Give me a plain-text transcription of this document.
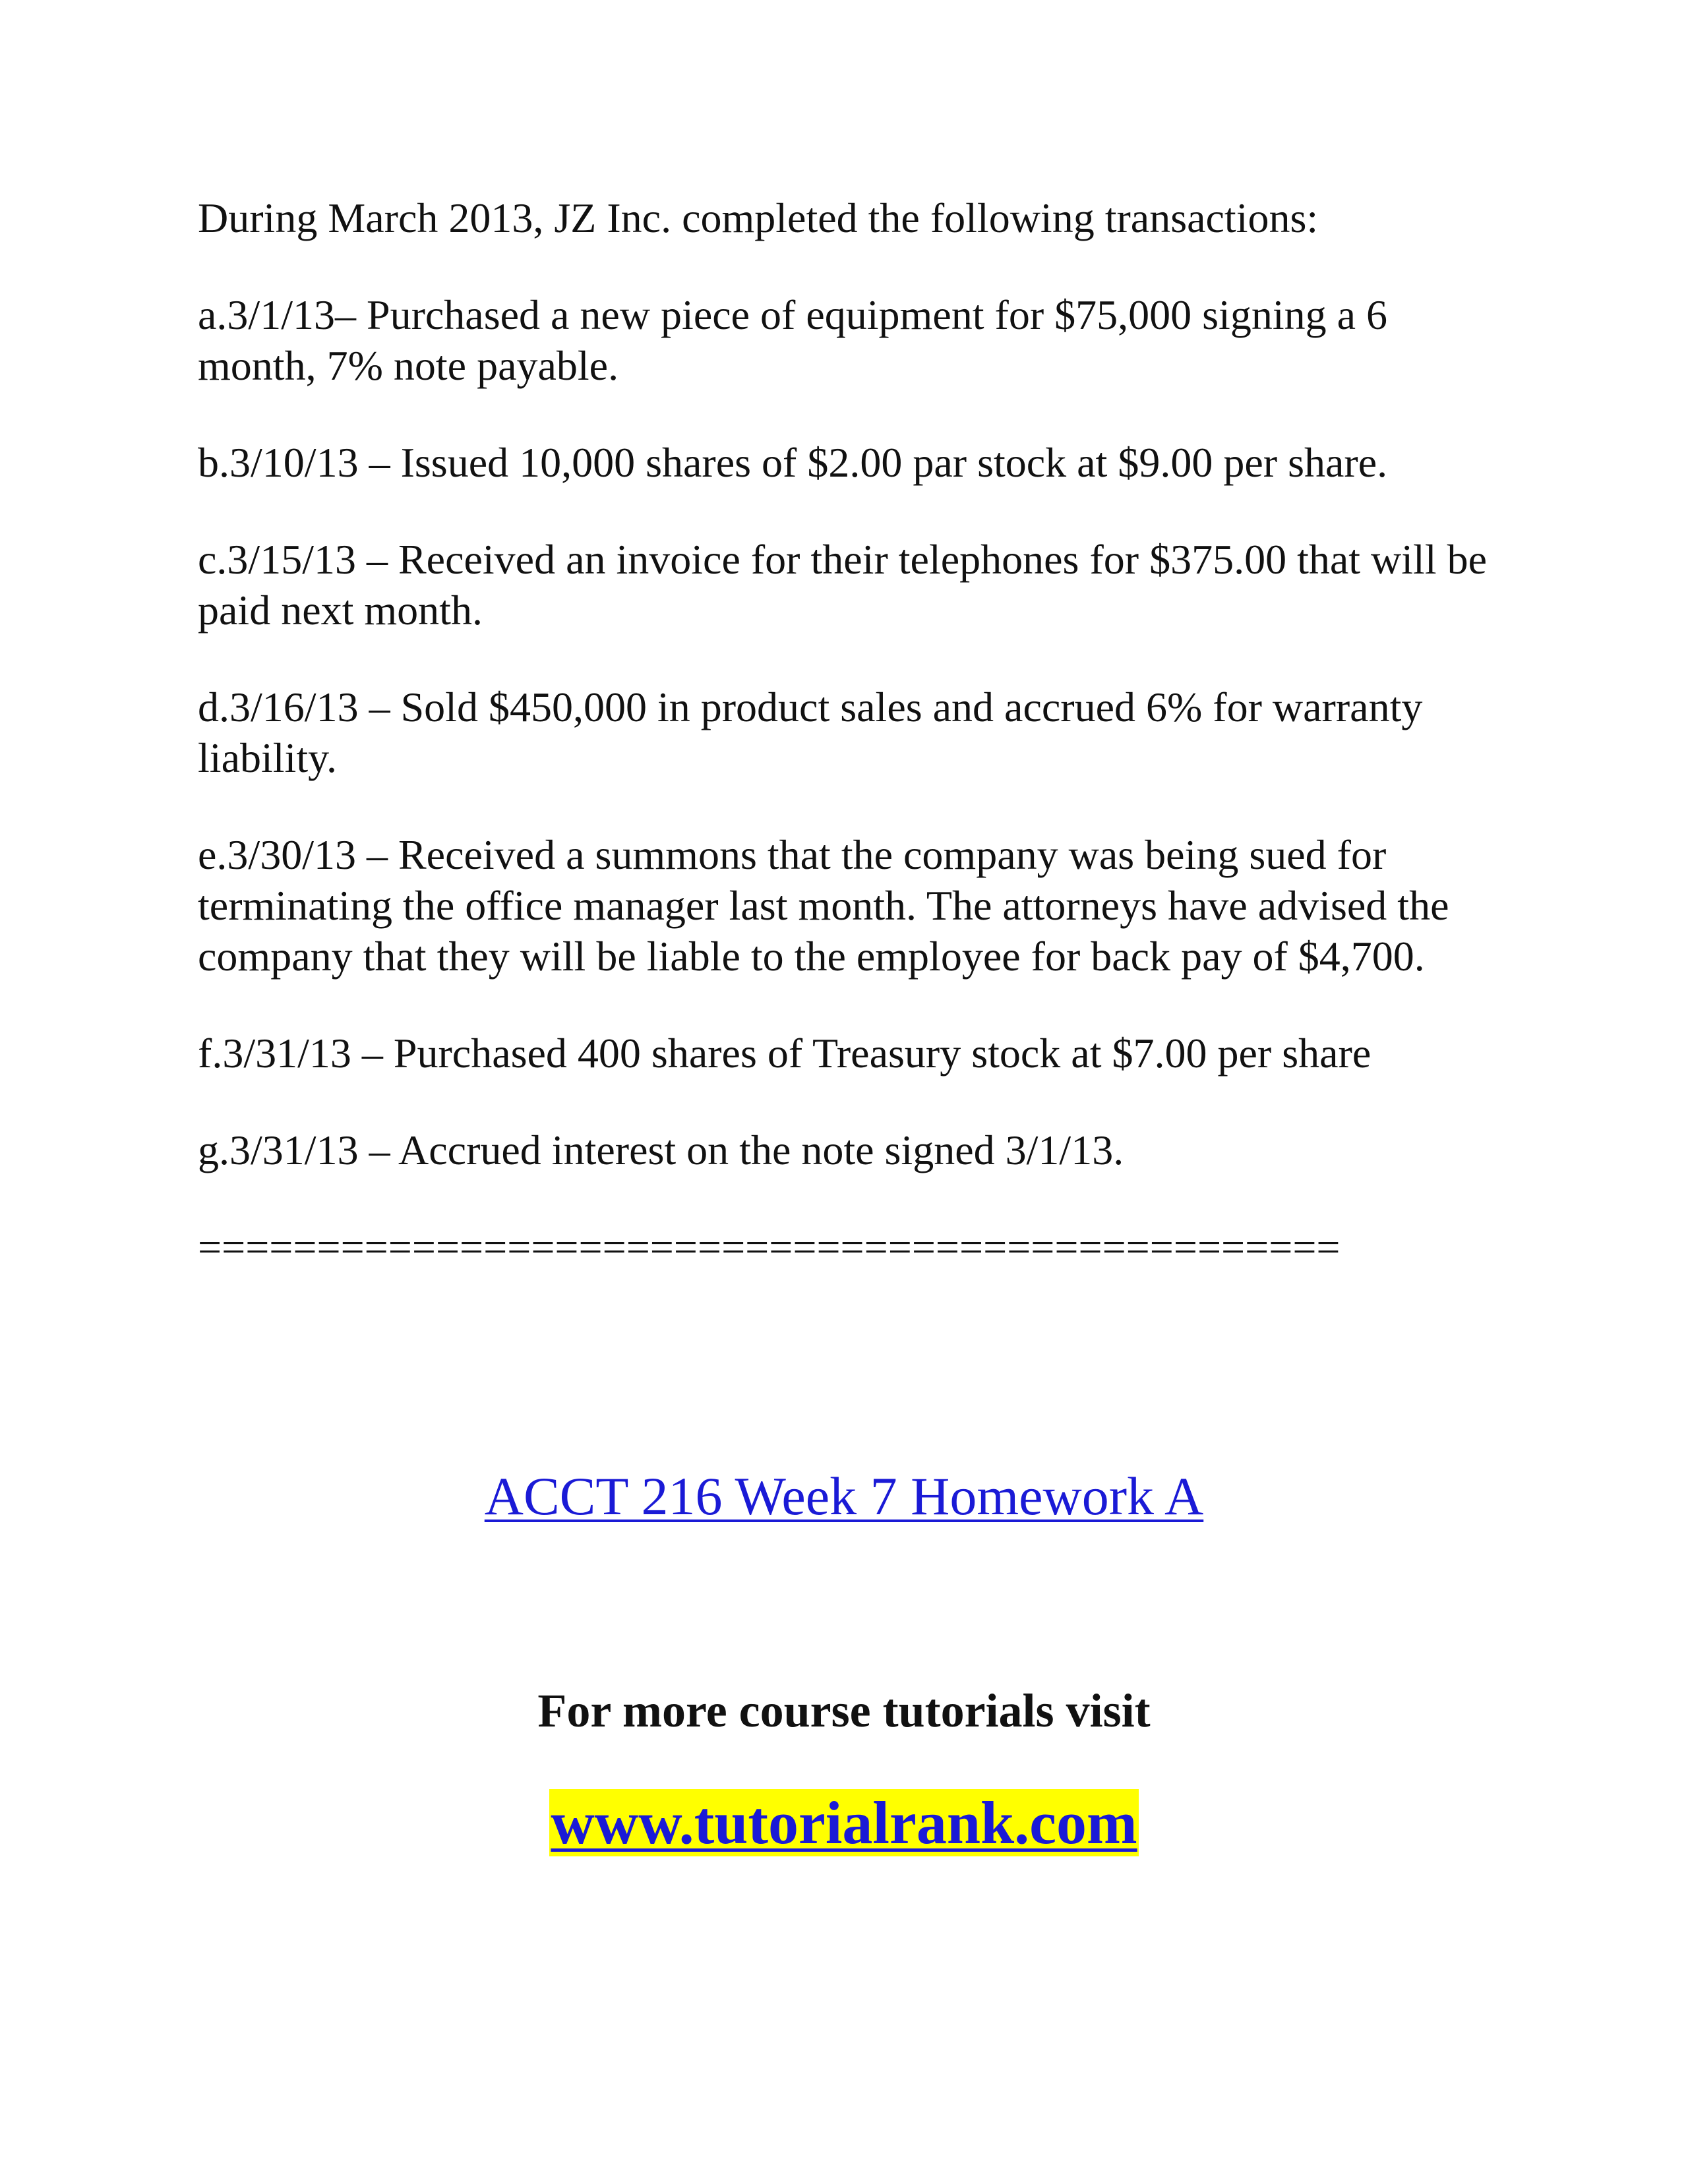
During March 2013, JZ Inc. completed the following transactions:

a.3/1/13– Purchased a new piece of equipment for $75,000 signing a 6 month, 7% note payable.

b.3/10/13 – Issued 10,000 shares of $2.00 par stock at $9.00 per share.

c.3/15/13 – Received an invoice for their telephones for $375.00 that will be paid next month.

d.3/16/13 – Sold $450,000 in product sales and accrued 6% for warranty liability.

e.3/30/13 – Received a summons that the company was being sued for terminating the office manager last month. The attorneys have advised the company that they will be liable to the employee for back pay of $4,700.

f.3/31/13 – Purchased 400 shares of Treasury stock at $7.00 per share

g.3/31/13 – Accrued interest on the note signed 3/1/13.

================================================
ACCT 216 Week 7 Homework A
For more course tutorials visit
www.tutorialrank.com
